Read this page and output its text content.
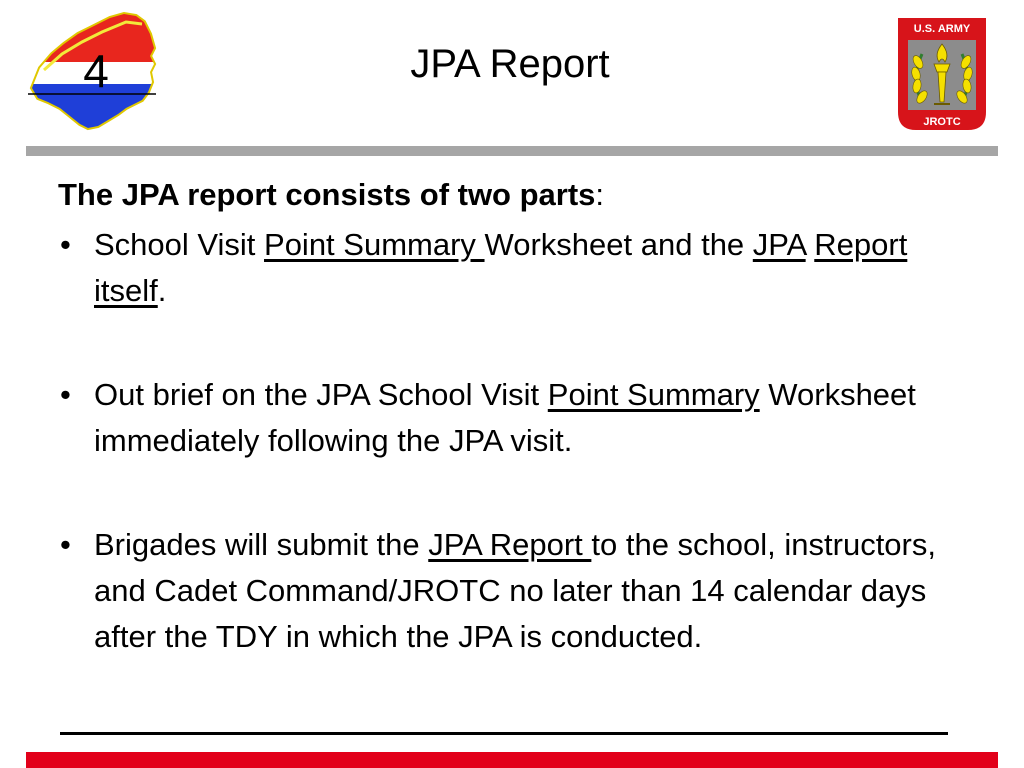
4	JPA Report
U.S. ARMY
JROTC

The JPA report consists of two parts:

• School Visit Point Summary Worksheet and the JPA Report itself.
• Out brief on the JPA School Visit Point Summary Worksheet immediately following the JPA visit.
• Brigades will submit the JPA Report to the school, instructors, and Cadet Command/JROTC no later than 14 calendar days after the TDY in which the JPA is conducted.
